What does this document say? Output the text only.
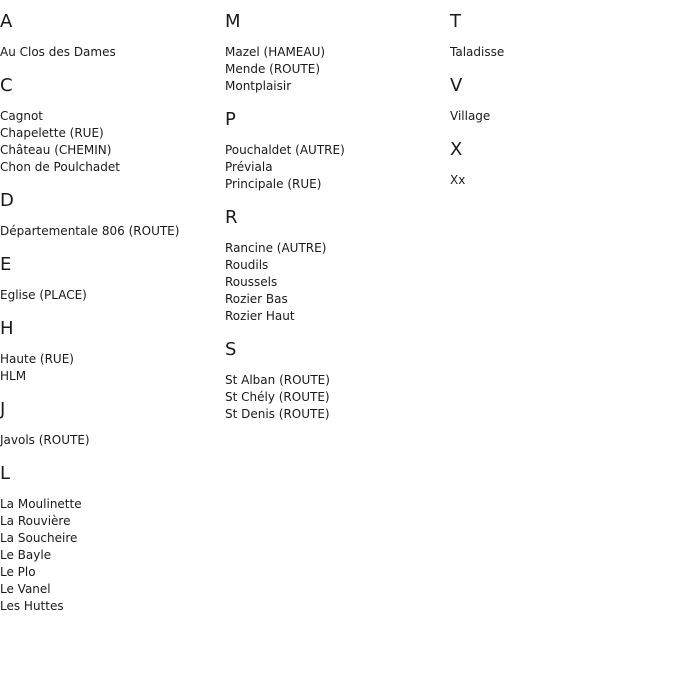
A
Au Clos des Dames
C
Cagnot
Chapelette (RUE)
Château (CHEMIN)
Chon de Poulchadet
D
Départementale 806 (ROUTE)
E
Eglise (PLACE)
H
Haute (RUE)
HLM
J
Javols (ROUTE)
L
La Moulinette
La Rouvière
La Soucheire
Le Bayle
Le Plo
Le Vanel
Les Huttes
M
Mazel (HAMEAU)
Mende (ROUTE)
Montplaisir
P
Pouchaldet (AUTRE)
Préviala
Principale (RUE)
R
Rancine (AUTRE)
Roudils
Roussels
Rozier Bas
Rozier Haut
S
St Alban (ROUTE)
St Chély (ROUTE)
St Denis (ROUTE)
T
Taladisse
V
Village
X
Xx
